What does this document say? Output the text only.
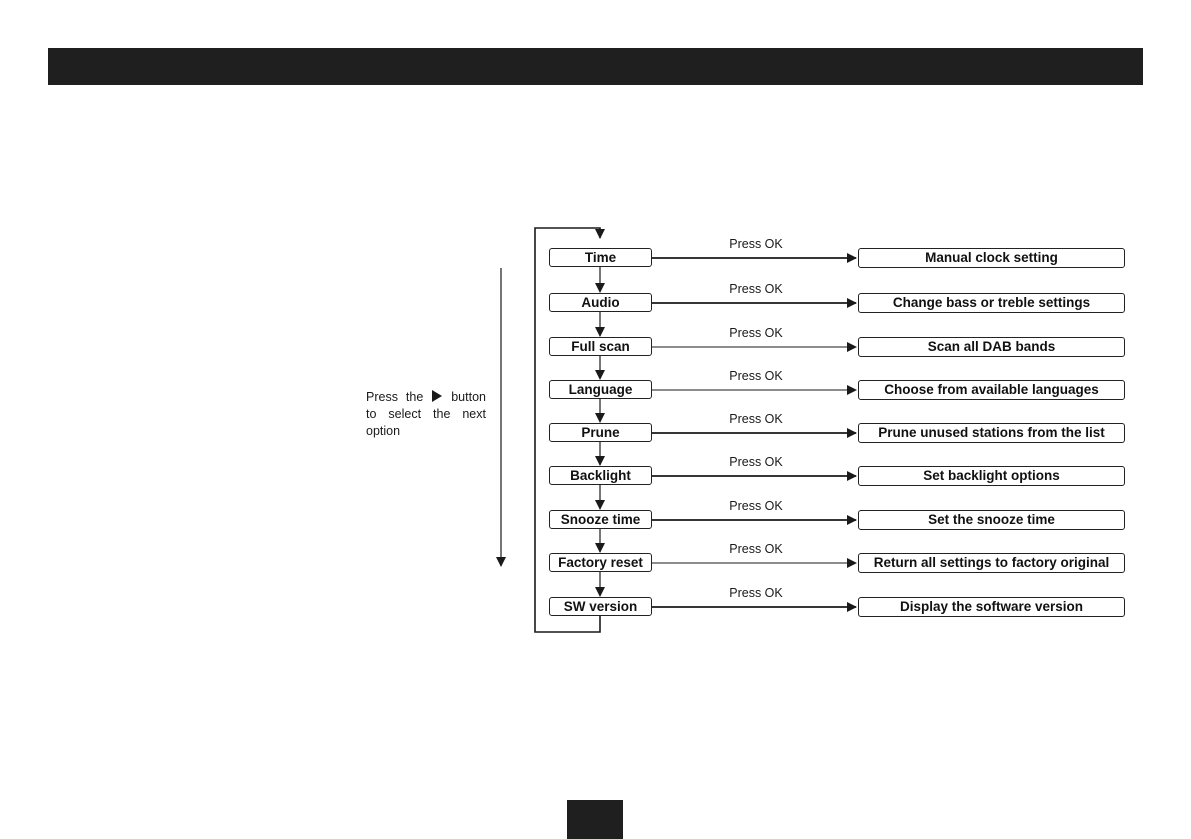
Press the button
to select the next
option
Time	Manual clock setting
Press OK
Audio	Change bass or treble settings
Press OK
Full scan	Scan all DAB bands
Press OK
Language	Choose from available languages
Press OK
Prune	Prune unused stations from the list
Press OK
Backlight	Set backlight options
Press OK
Snooze time	Set the snooze time
Press OK
Factory reset	Return all settings to factory original
Press OK
SW version	Display the software version
Press OK
